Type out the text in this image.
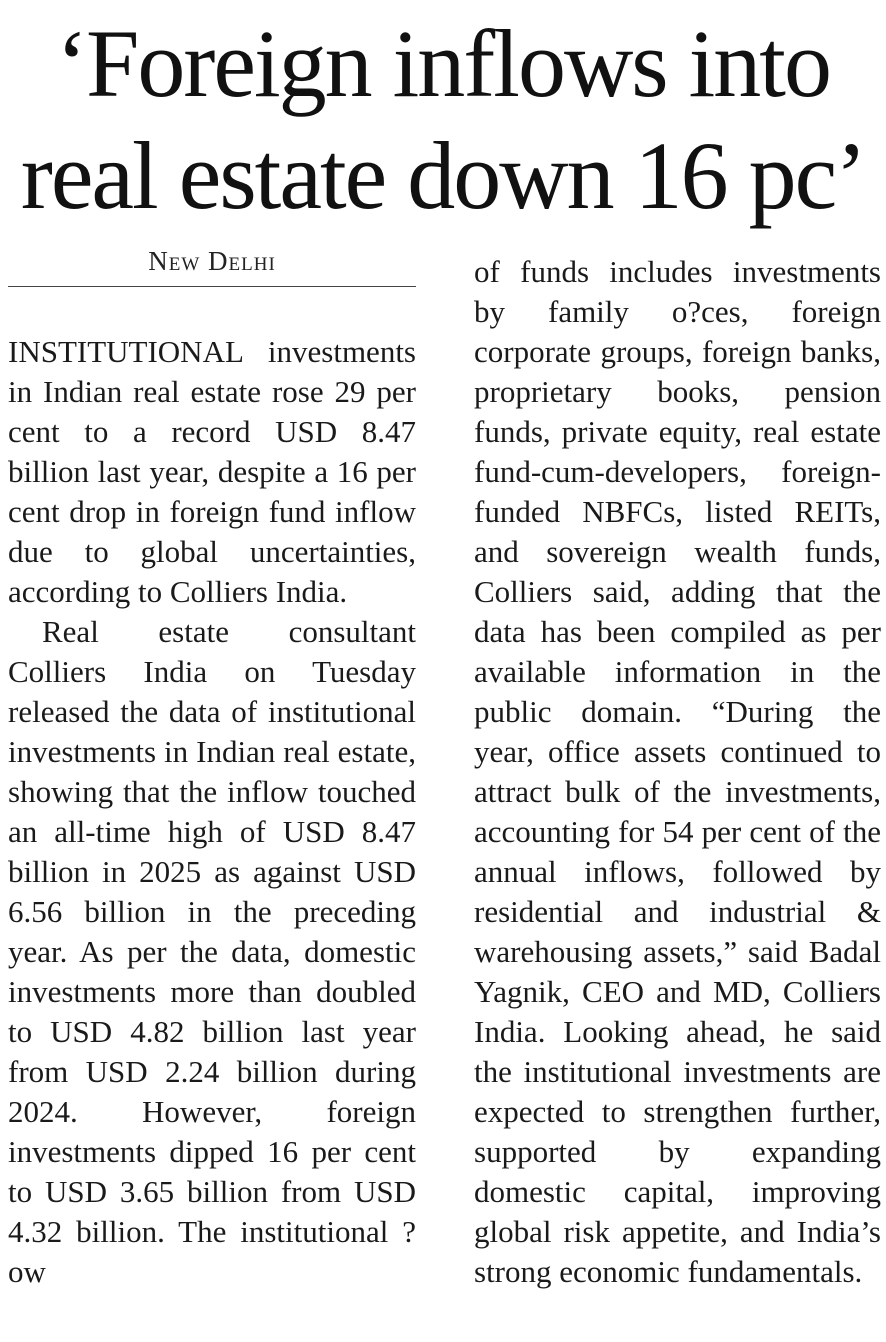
‘Foreign inflows into
real estate down 16 pc’
New Delhi

INSTITUTIONAL investments in Indian real estate rose 29 per cent to a record USD 8.47 billion last year, despite a 16 per cent drop in foreign fund inflow due to global uncertainties, according to Colliers India.

Real estate consultant Colliers India on Tuesday released the data of institutional investments in Indian real estate, showing that the inflow touched an all-time high of USD 8.47 billion in 2025 as against USD 6.56 billion in the preceding year. As per the data, domestic investments more than doubled to USD 4.82 billion last year from USD 2.24 billion during 2024. However, foreign investments dipped 16 per cent to USD 3.65 billion from USD 4.32 billion. The institutional ?ow

of funds includes investments by family o?ces, foreign corporate groups, foreign banks, proprietary books, pension funds, private equity, real estate fund-cum-developers, foreign-funded NBFCs, listed REITs, and sovereign wealth funds, Colliers said, adding that the data has been compiled as per available information in the public domain. “During the year, office assets continued to attract bulk of the investments, accounting for 54 per cent of the annual inflows, followed by residential and industrial & warehousing assets,” said Badal Yagnik, CEO and MD, Colliers India. Looking ahead, he said the institutional investments are expected to strengthen further, supported by expanding domestic capital, improving global risk appetite, and India’s strong economic fundamentals.
